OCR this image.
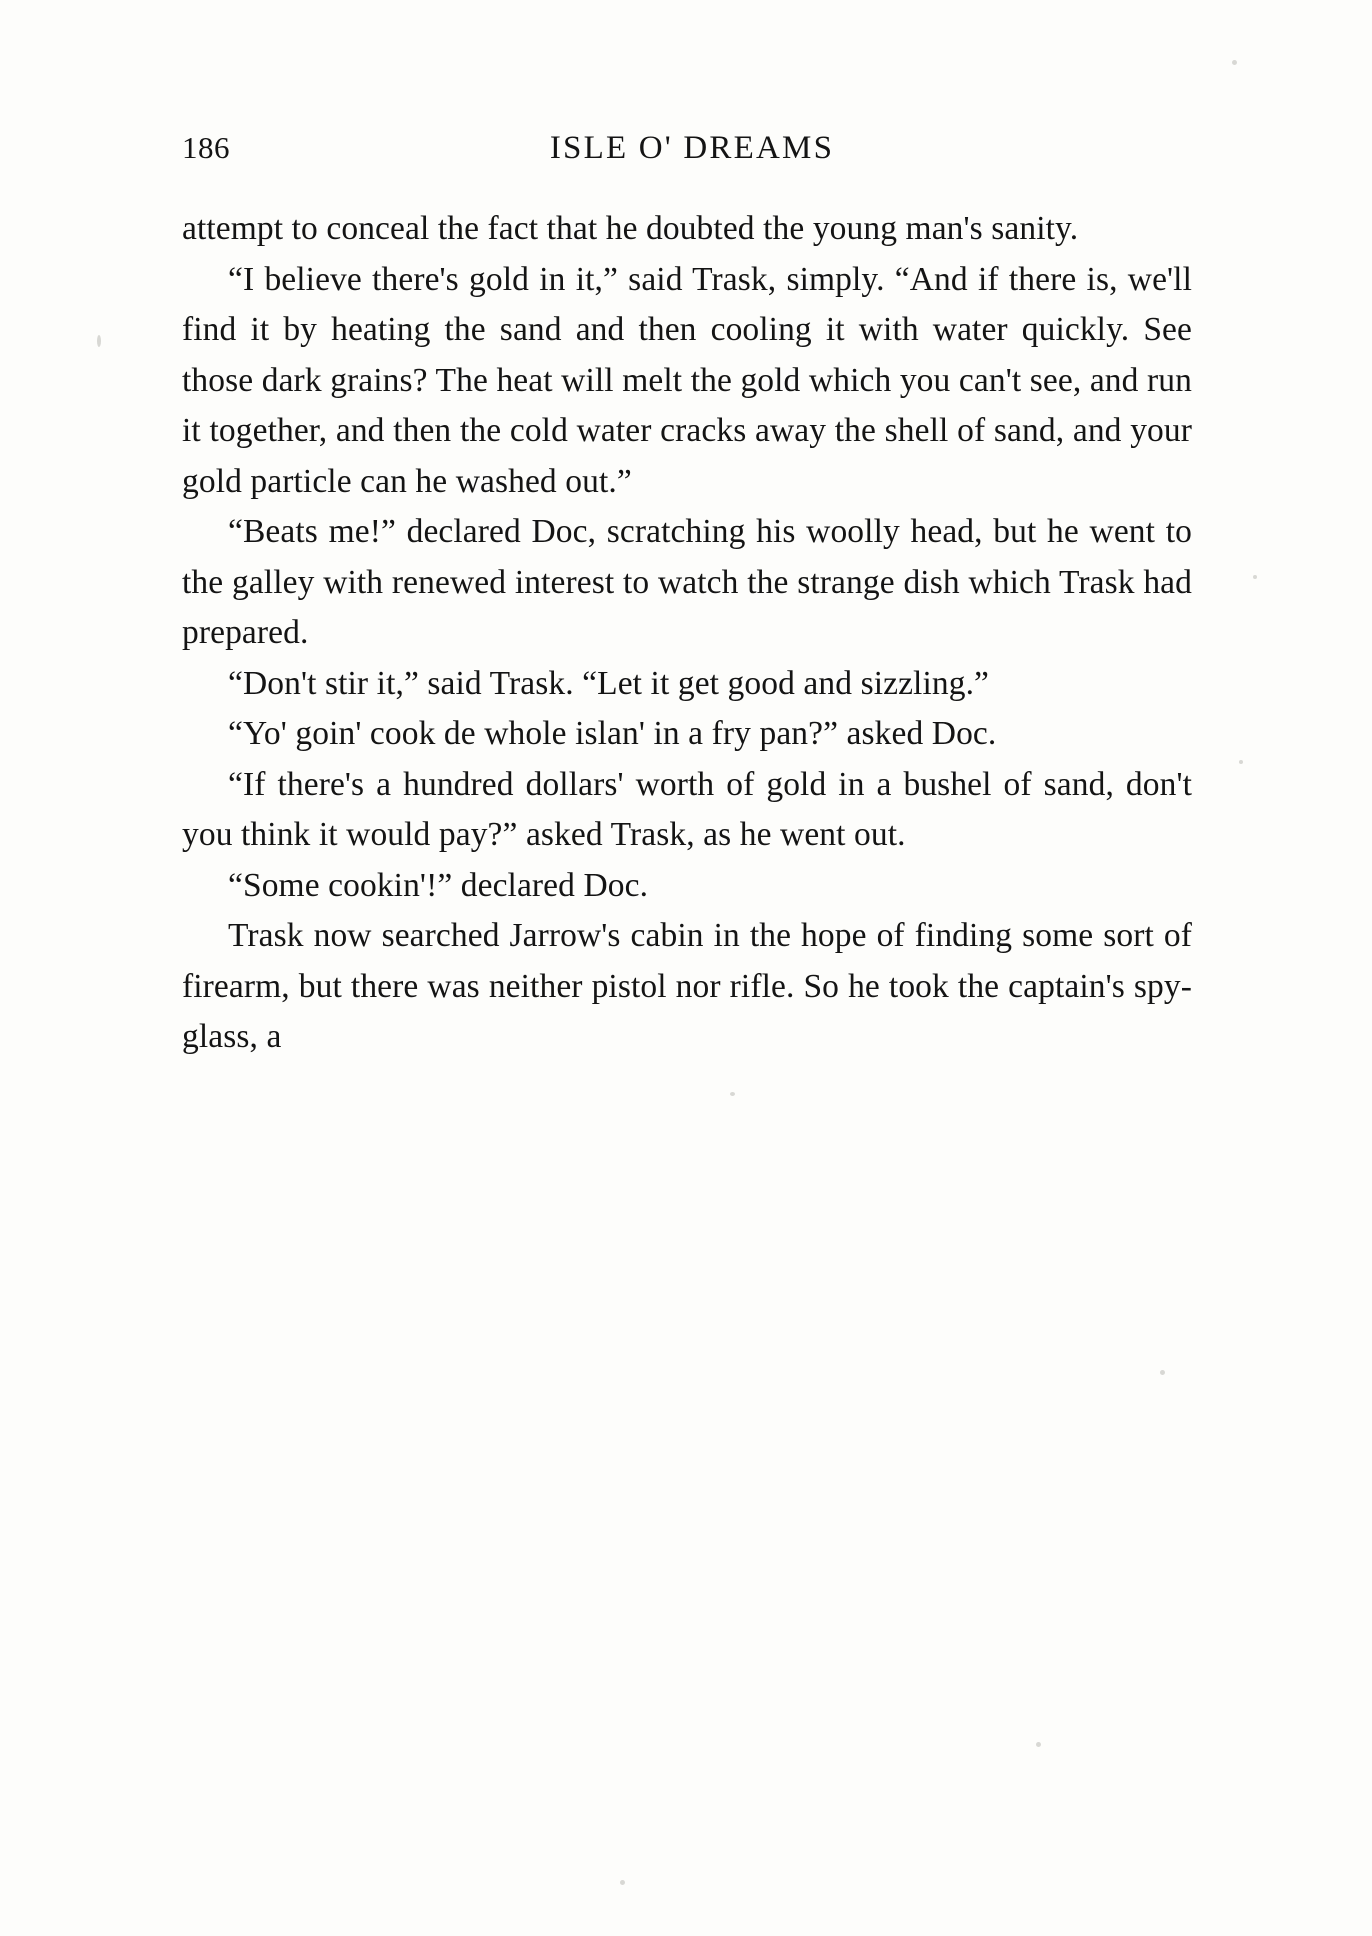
186	ISLE O' DREAMS

attempt to conceal the fact that he doubted the young man's sanity.

“I believe there's gold in it,” said Trask, simply. “And if there is, we'll find it by heating the sand and then cooling it with water quickly. See those dark grains? The heat will melt the gold which you can't see, and run it together, and then the cold water cracks away the shell of sand, and your gold particle can he washed out.”

“Beats me!” declared Doc, scratching his woolly head, but he went to the galley with renewed interest to watch the strange dish which Trask had prepared.

“Don't stir it,” said Trask. “Let it get good and sizzling.”

“Yo' goin' cook de whole islan' in a fry pan?” asked Doc.

“If there's a hundred dollars' worth of gold in a bushel of sand, don't you think it would pay?” asked Trask, as he went out.

“Some cookin'!” declared Doc.

Trask now searched Jarrow's cabin in the hope of finding some sort of firearm, but there was neither pistol nor rifle. So he took the captain's spy-glass, a
